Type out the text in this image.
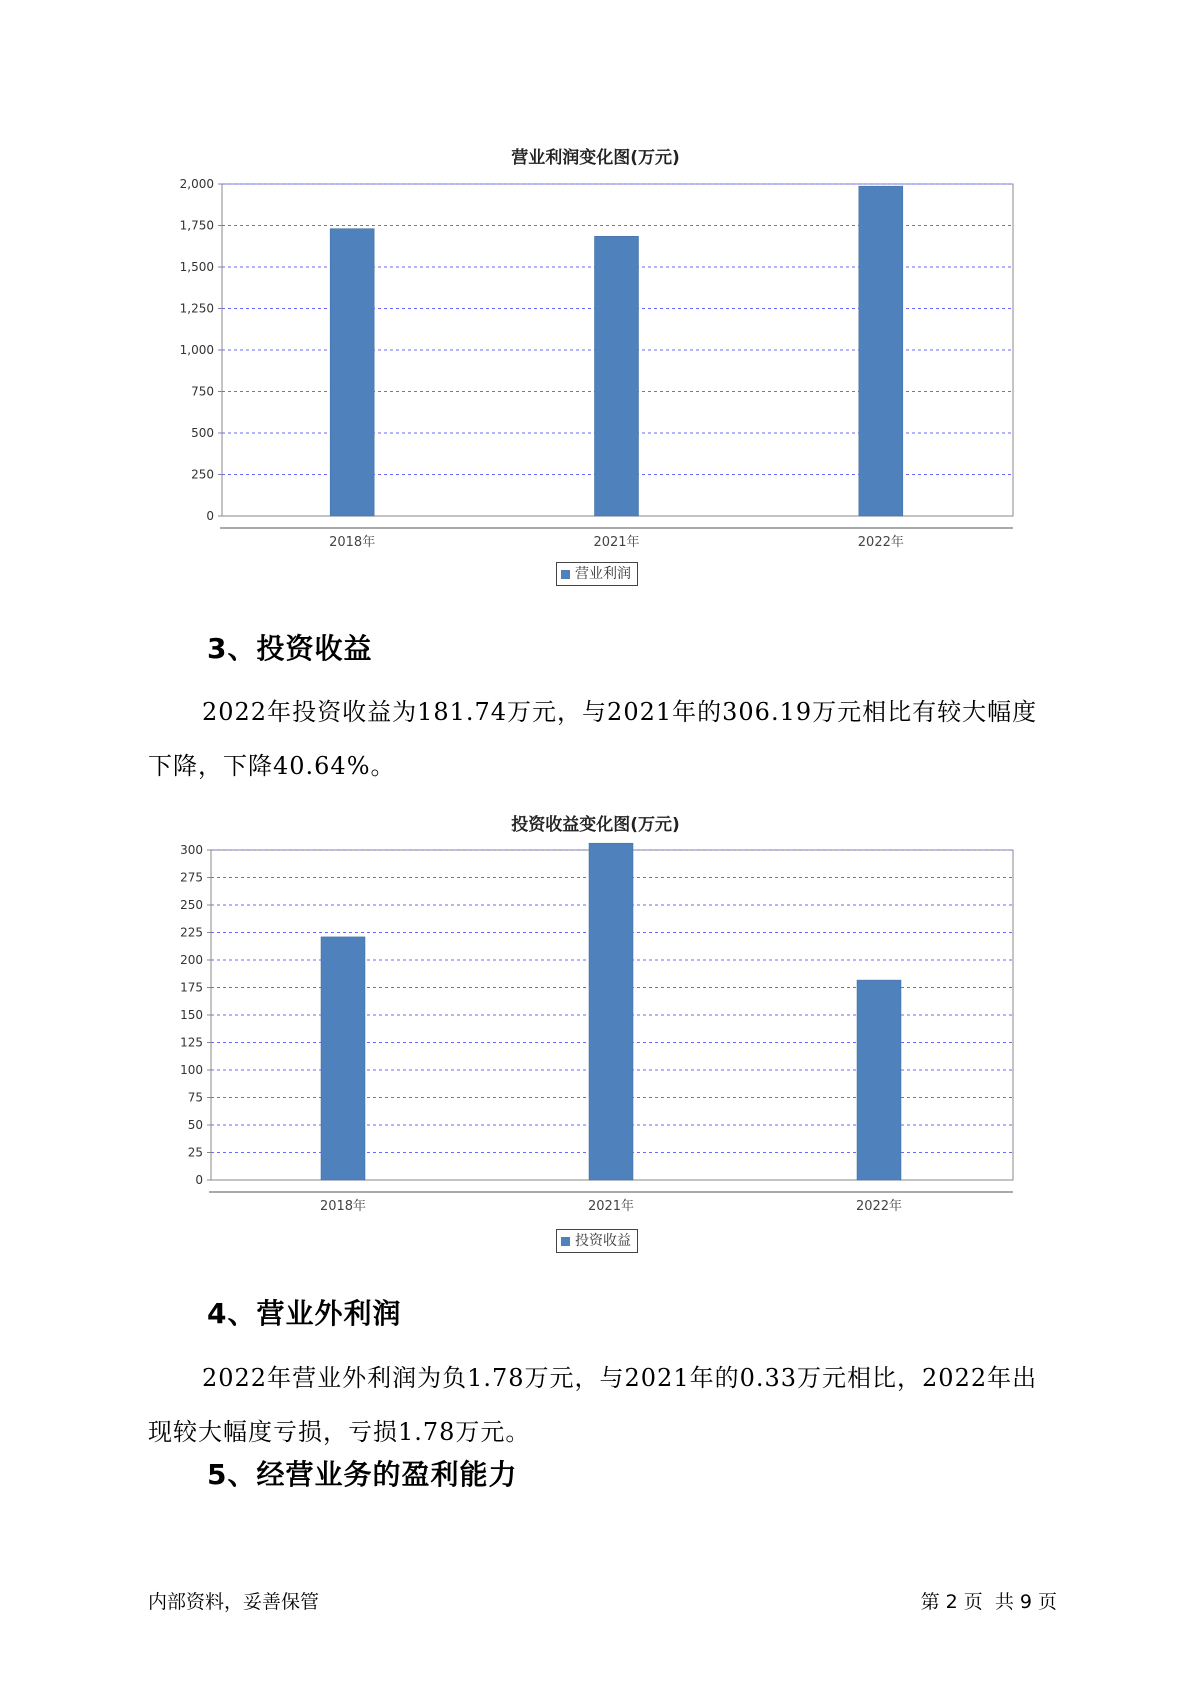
营业利润变化图(万元)
0
250
500
750
1,000
1,250
1,500
1,750
2,000
2018年	2021年	2022年
营业利润
3、投资收益
2022年投资收益为181.74万元，与2021年的306.19万元相比有较大幅度下降，下降40.64%。
投资收益变化图(万元)
0
25
50
75
100
125
150
175
200
225
250
275
300
2018年	2021年	2022年
投资收益
4、营业外利润
2022年营业外利润为负1.78万元，与2021年的0.33万元相比，2022年出现较大幅度亏损，亏损1.78万元。
5、经营业务的盈利能力
内部资料，妥善保管	第 2 页  共 9 页
